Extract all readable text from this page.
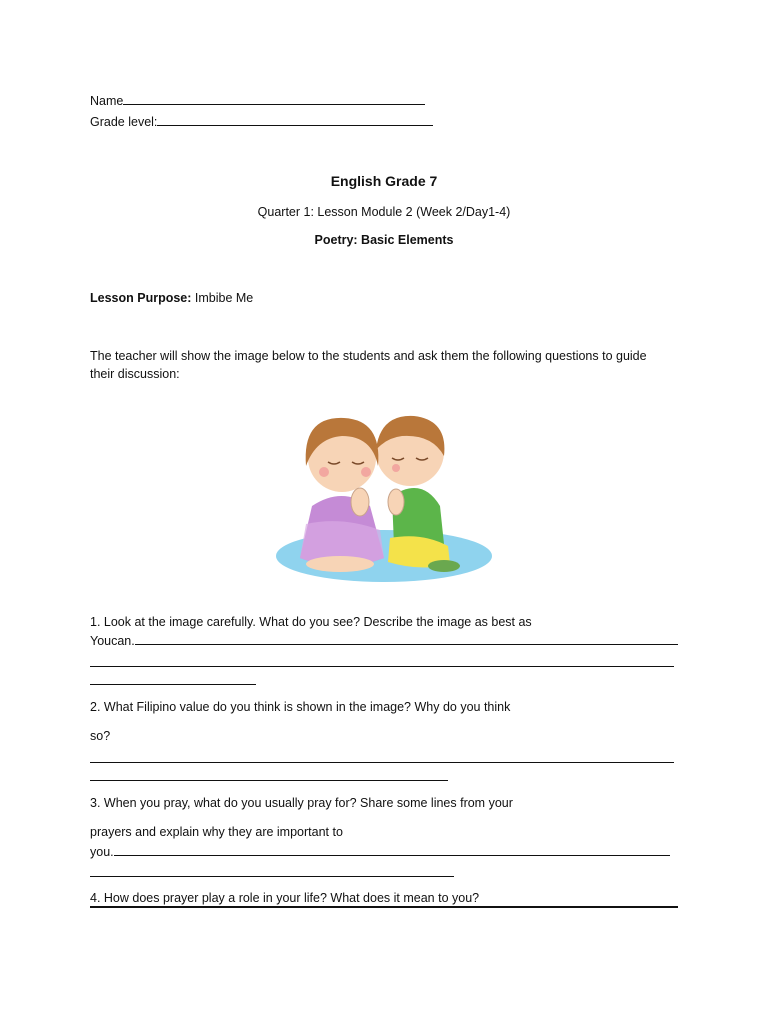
Name
Grade level:
English Grade 7
Quarter 1: Lesson Module 2 (Week 2/Day1-4)
Poetry: Basic Elements
Lesson Purpose: Imbibe Me
The teacher will show the image below to the students and ask them the following questions to guide
their discussion:
1. Look at the image carefully. What do you see? Describe the image as best as
Youcan.
2. What Filipino value do you think is shown in the image? Why do you think
so?
3. When you pray, what do you usually pray for? Share some lines from your
prayers and explain why they are important to
you.
4. How does prayer play a role in your life? What does it mean to you?
